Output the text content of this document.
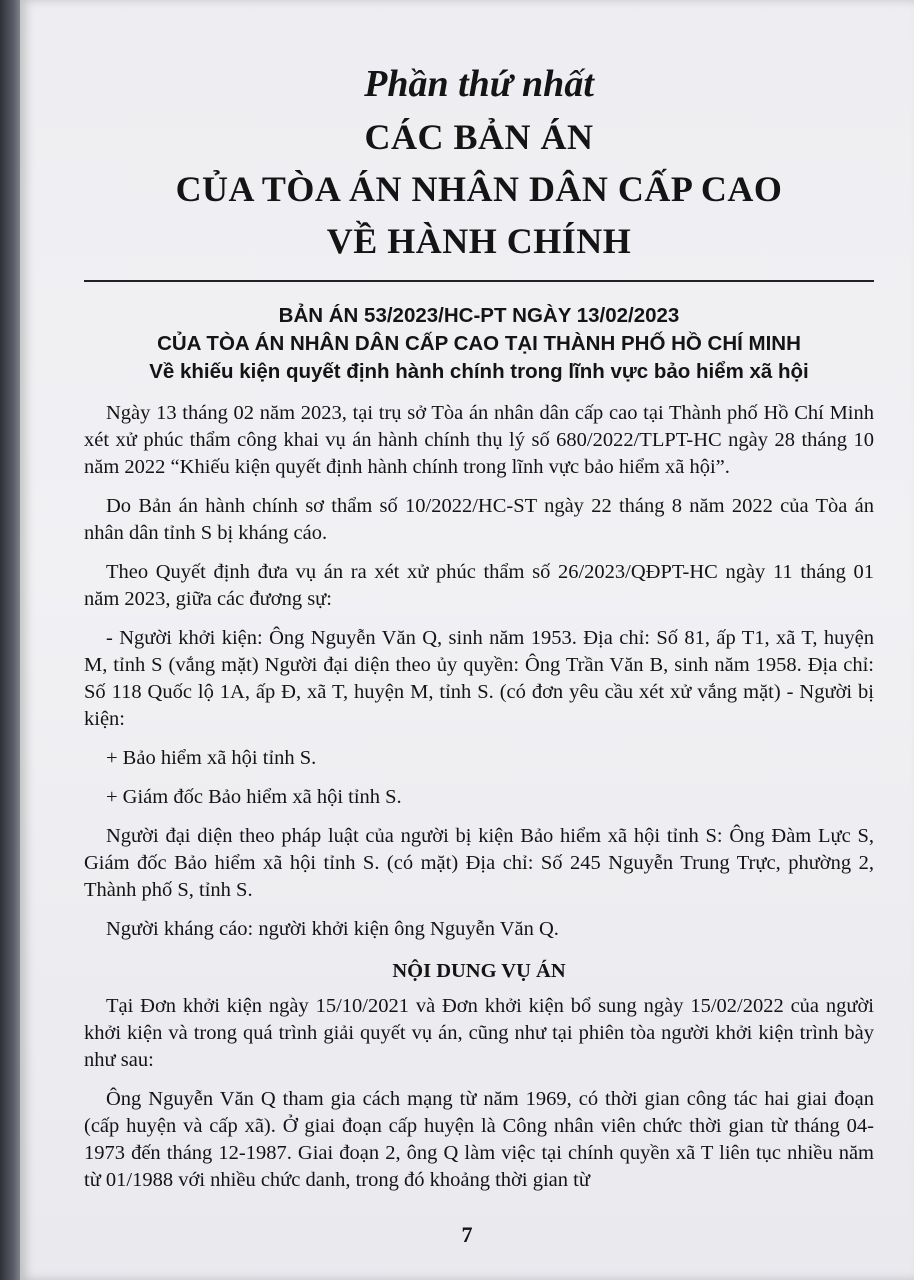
Phần thứ nhất
CÁC BẢN ÁN
CỦA TÒA ÁN NHÂN DÂN CẤP CAO
VỀ HÀNH CHÍNH
BẢN ÁN 53/2023/HC-PT NGÀY 13/02/2023
CỦA TÒA ÁN NHÂN DÂN CẤP CAO TẠI THÀNH PHỐ HỒ CHÍ MINH
Về khiếu kiện quyết định hành chính trong lĩnh vực bảo hiểm xã hội

Ngày 13 tháng 02 năm 2023, tại trụ sở Tòa án nhân dân cấp cao tại Thành phố Hồ Chí Minh xét xử phúc thẩm công khai vụ án hành chính thụ lý số 680/2022/TLPT-HC ngày 28 tháng 10 năm 2022 “Khiếu kiện quyết định hành chính trong lĩnh vực bảo hiểm xã hội”.

Do Bản án hành chính sơ thẩm số 10/2022/HC-ST ngày 22 tháng 8 năm 2022 của Tòa án nhân dân tỉnh S bị kháng cáo.

Theo Quyết định đưa vụ án ra xét xử phúc thẩm số 26/2023/QĐPT-HC ngày 11 tháng 01 năm 2023, giữa các đương sự:

- Người khởi kiện: Ông Nguyễn Văn Q, sinh năm 1953. Địa chỉ: Số 81, ấp T1, xã T, huyện M, tỉnh S (vắng mặt) Người đại diện theo ủy quyền: Ông Trần Văn B, sinh năm 1958. Địa chỉ: Số 118 Quốc lộ 1A, ấp Đ, xã T, huyện M, tỉnh S. (có đơn yêu cầu xét xử vắng mặt) - Người bị kiện:

+ Bảo hiểm xã hội tỉnh S.

+ Giám đốc Bảo hiểm xã hội tỉnh S.

Người đại diện theo pháp luật của người bị kiện Bảo hiểm xã hội tỉnh S: Ông Đàm Lực S, Giám đốc Bảo hiểm xã hội tỉnh S. (có mặt) Địa chỉ: Số 245 Nguyễn Trung Trực, phường 2, Thành phố S, tỉnh S.

Người kháng cáo: người khởi kiện ông Nguyễn Văn Q.

NỘI DUNG VỤ ÁN

Tại Đơn khởi kiện ngày 15/10/2021 và Đơn khởi kiện bổ sung ngày 15/02/2022 của người khởi kiện và trong quá trình giải quyết vụ án, cũng như tại phiên tòa người khởi kiện trình bày như sau:

Ông Nguyễn Văn Q tham gia cách mạng từ năm 1969, có thời gian công tác hai giai đoạn (cấp huyện và cấp xã). Ở giai đoạn cấp huyện là Công nhân viên chức thời gian từ tháng 04-1973 đến tháng 12-1987. Giai đoạn 2, ông Q làm việc tại chính quyền xã T liên tục nhiều năm từ 01/1988 với nhiều chức danh, trong đó khoảng thời gian từ

7
